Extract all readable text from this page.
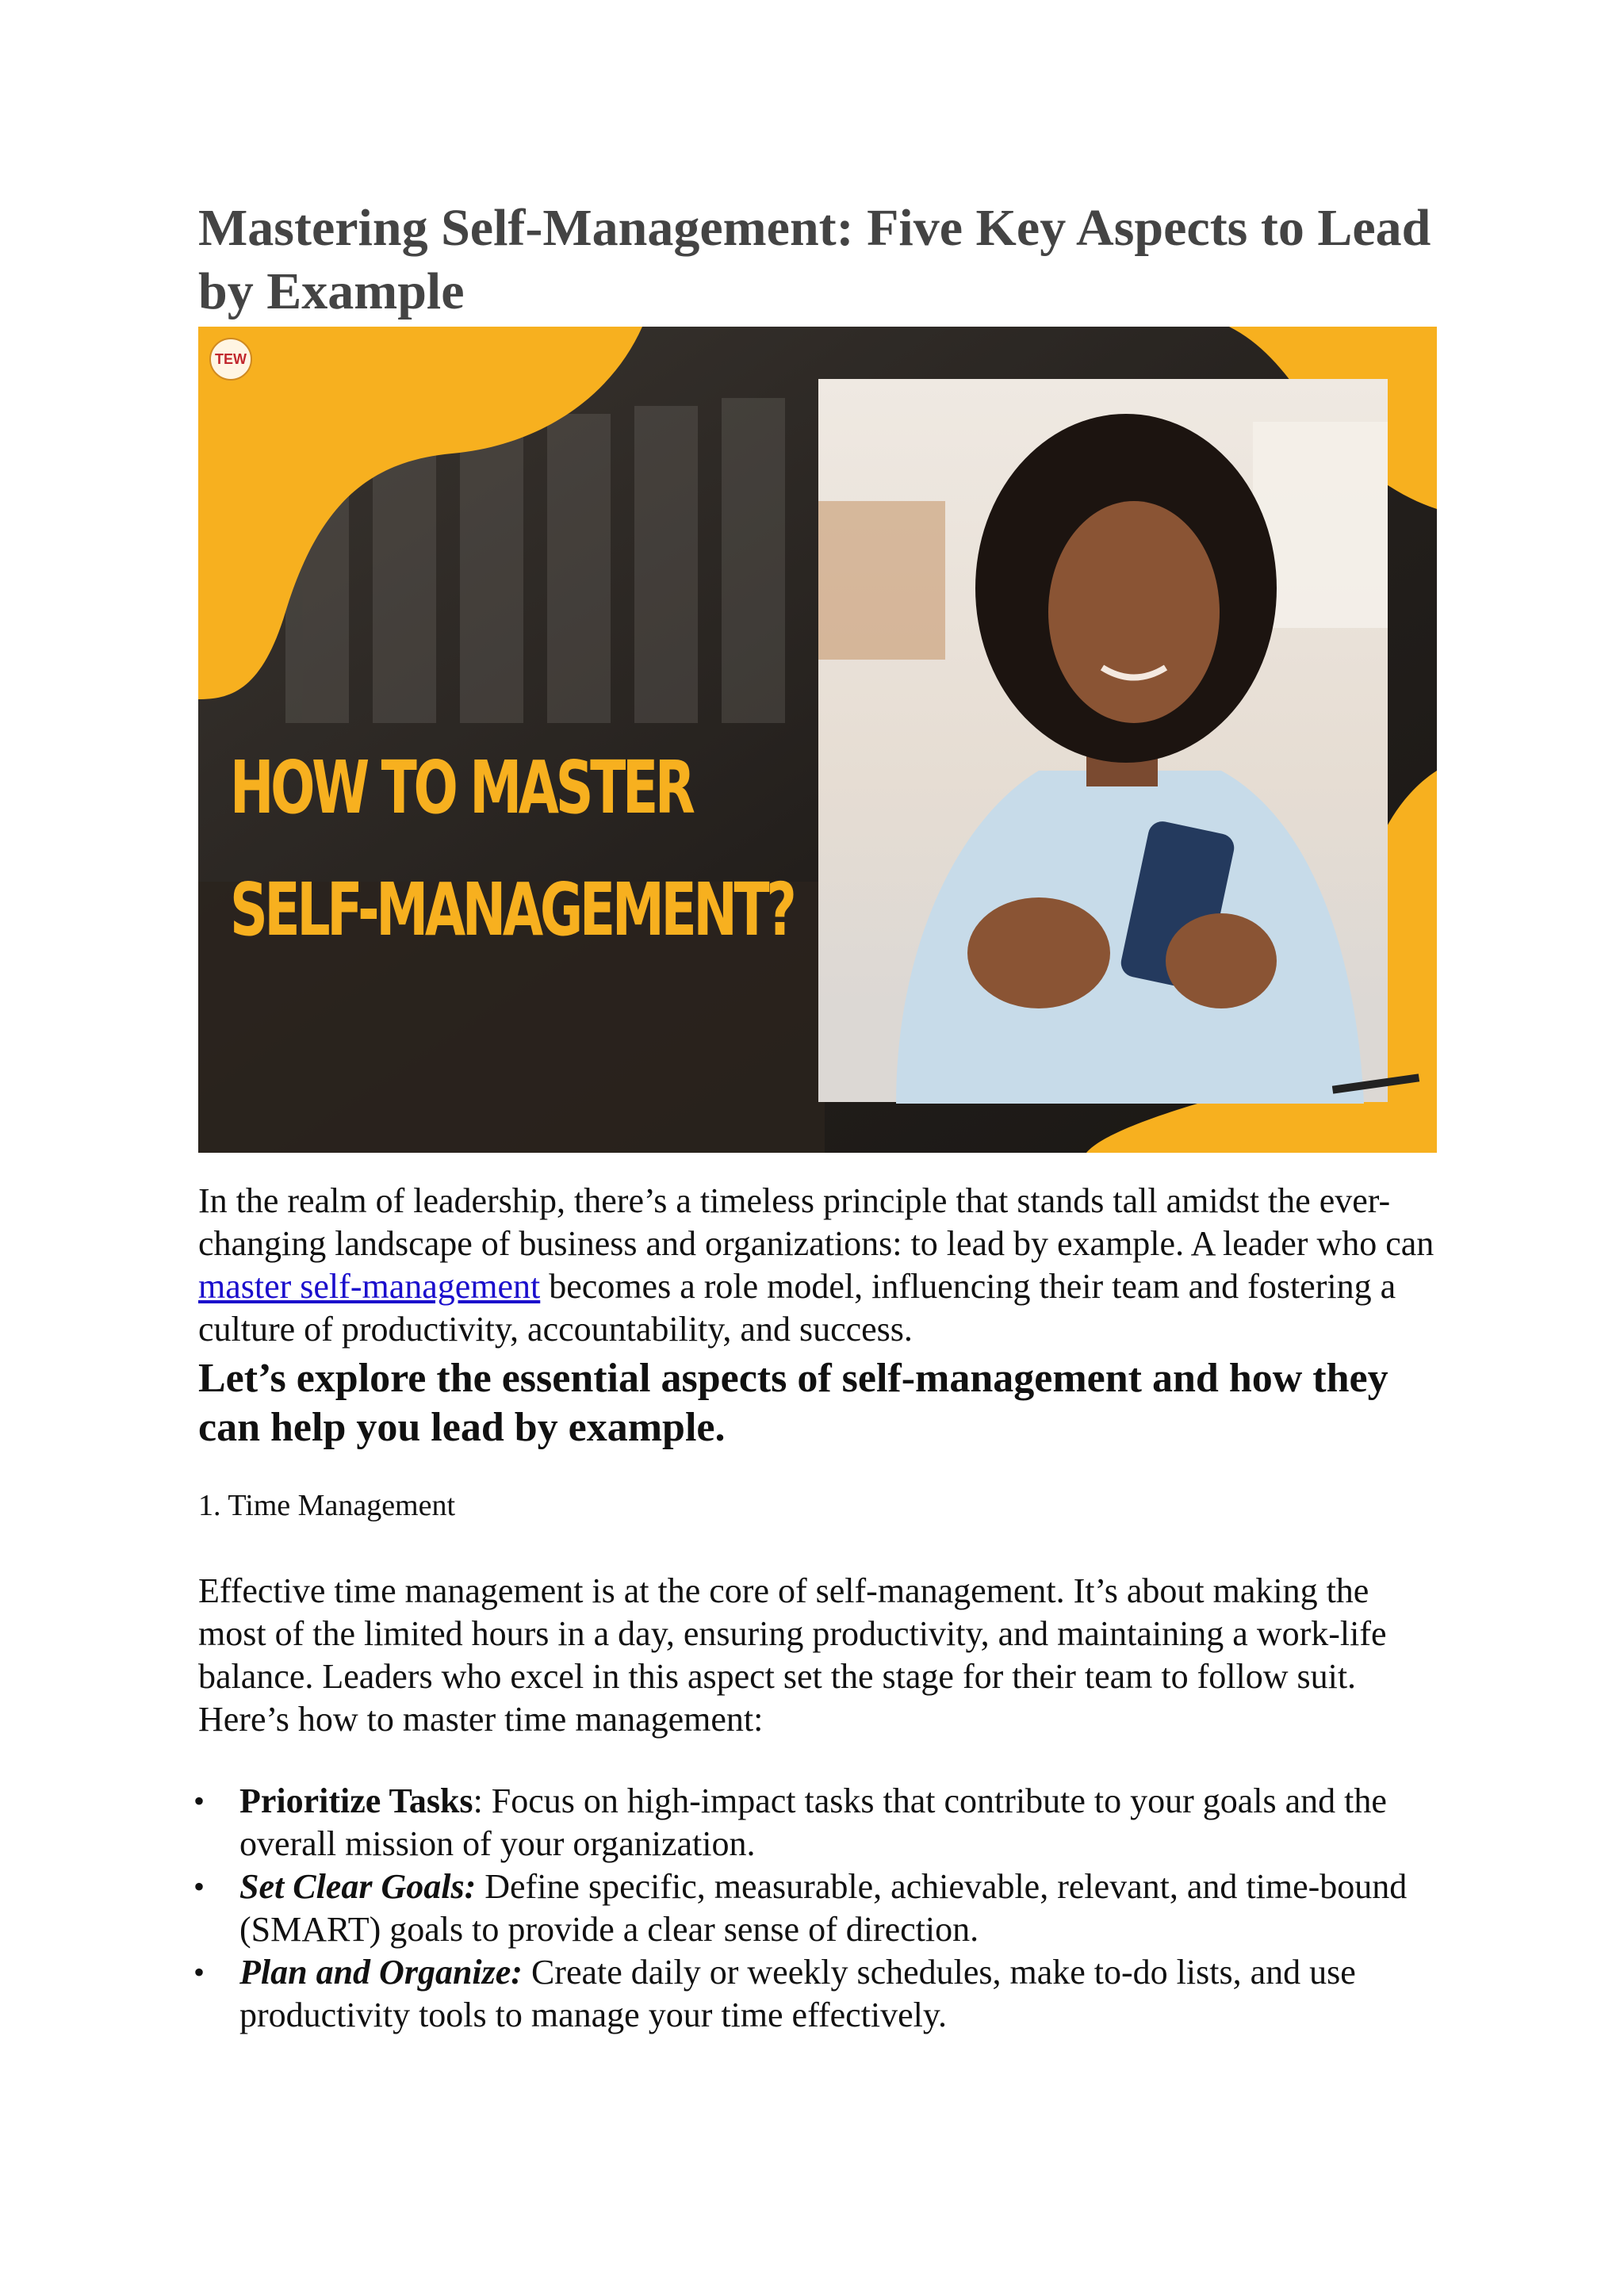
Mastering Self-Management: Five Key Aspects to Lead by Example
TEW
HOW TO MASTER
SELF-MANAGEMENT?

In the realm of leadership, there’s a timeless principle that stands tall amidst the ever-changing landscape of business and organizations: to lead by example. A leader who can master self-management becomes a role model, influencing their team and fostering a culture of productivity, accountability, and success.

Let’s explore the essential aspects of self-management and how they can help you lead by example.

1. Time Management

Effective time management is at the core of self-management. It’s about making the most of the limited hours in a day, ensuring productivity, and maintaining a work-life balance. Leaders who excel in this aspect set the stage for their team to follow suit. Here’s how to master time management:

• Prioritize Tasks: Focus on high-impact tasks that contribute to your goals and the overall mission of your organization.
• Set Clear Goals: Define specific, measurable, achievable, relevant, and time-bound (SMART) goals to provide a clear sense of direction.
• Plan and Organize: Create daily or weekly schedules, make to-do lists, and use productivity tools to manage your time effectively.
